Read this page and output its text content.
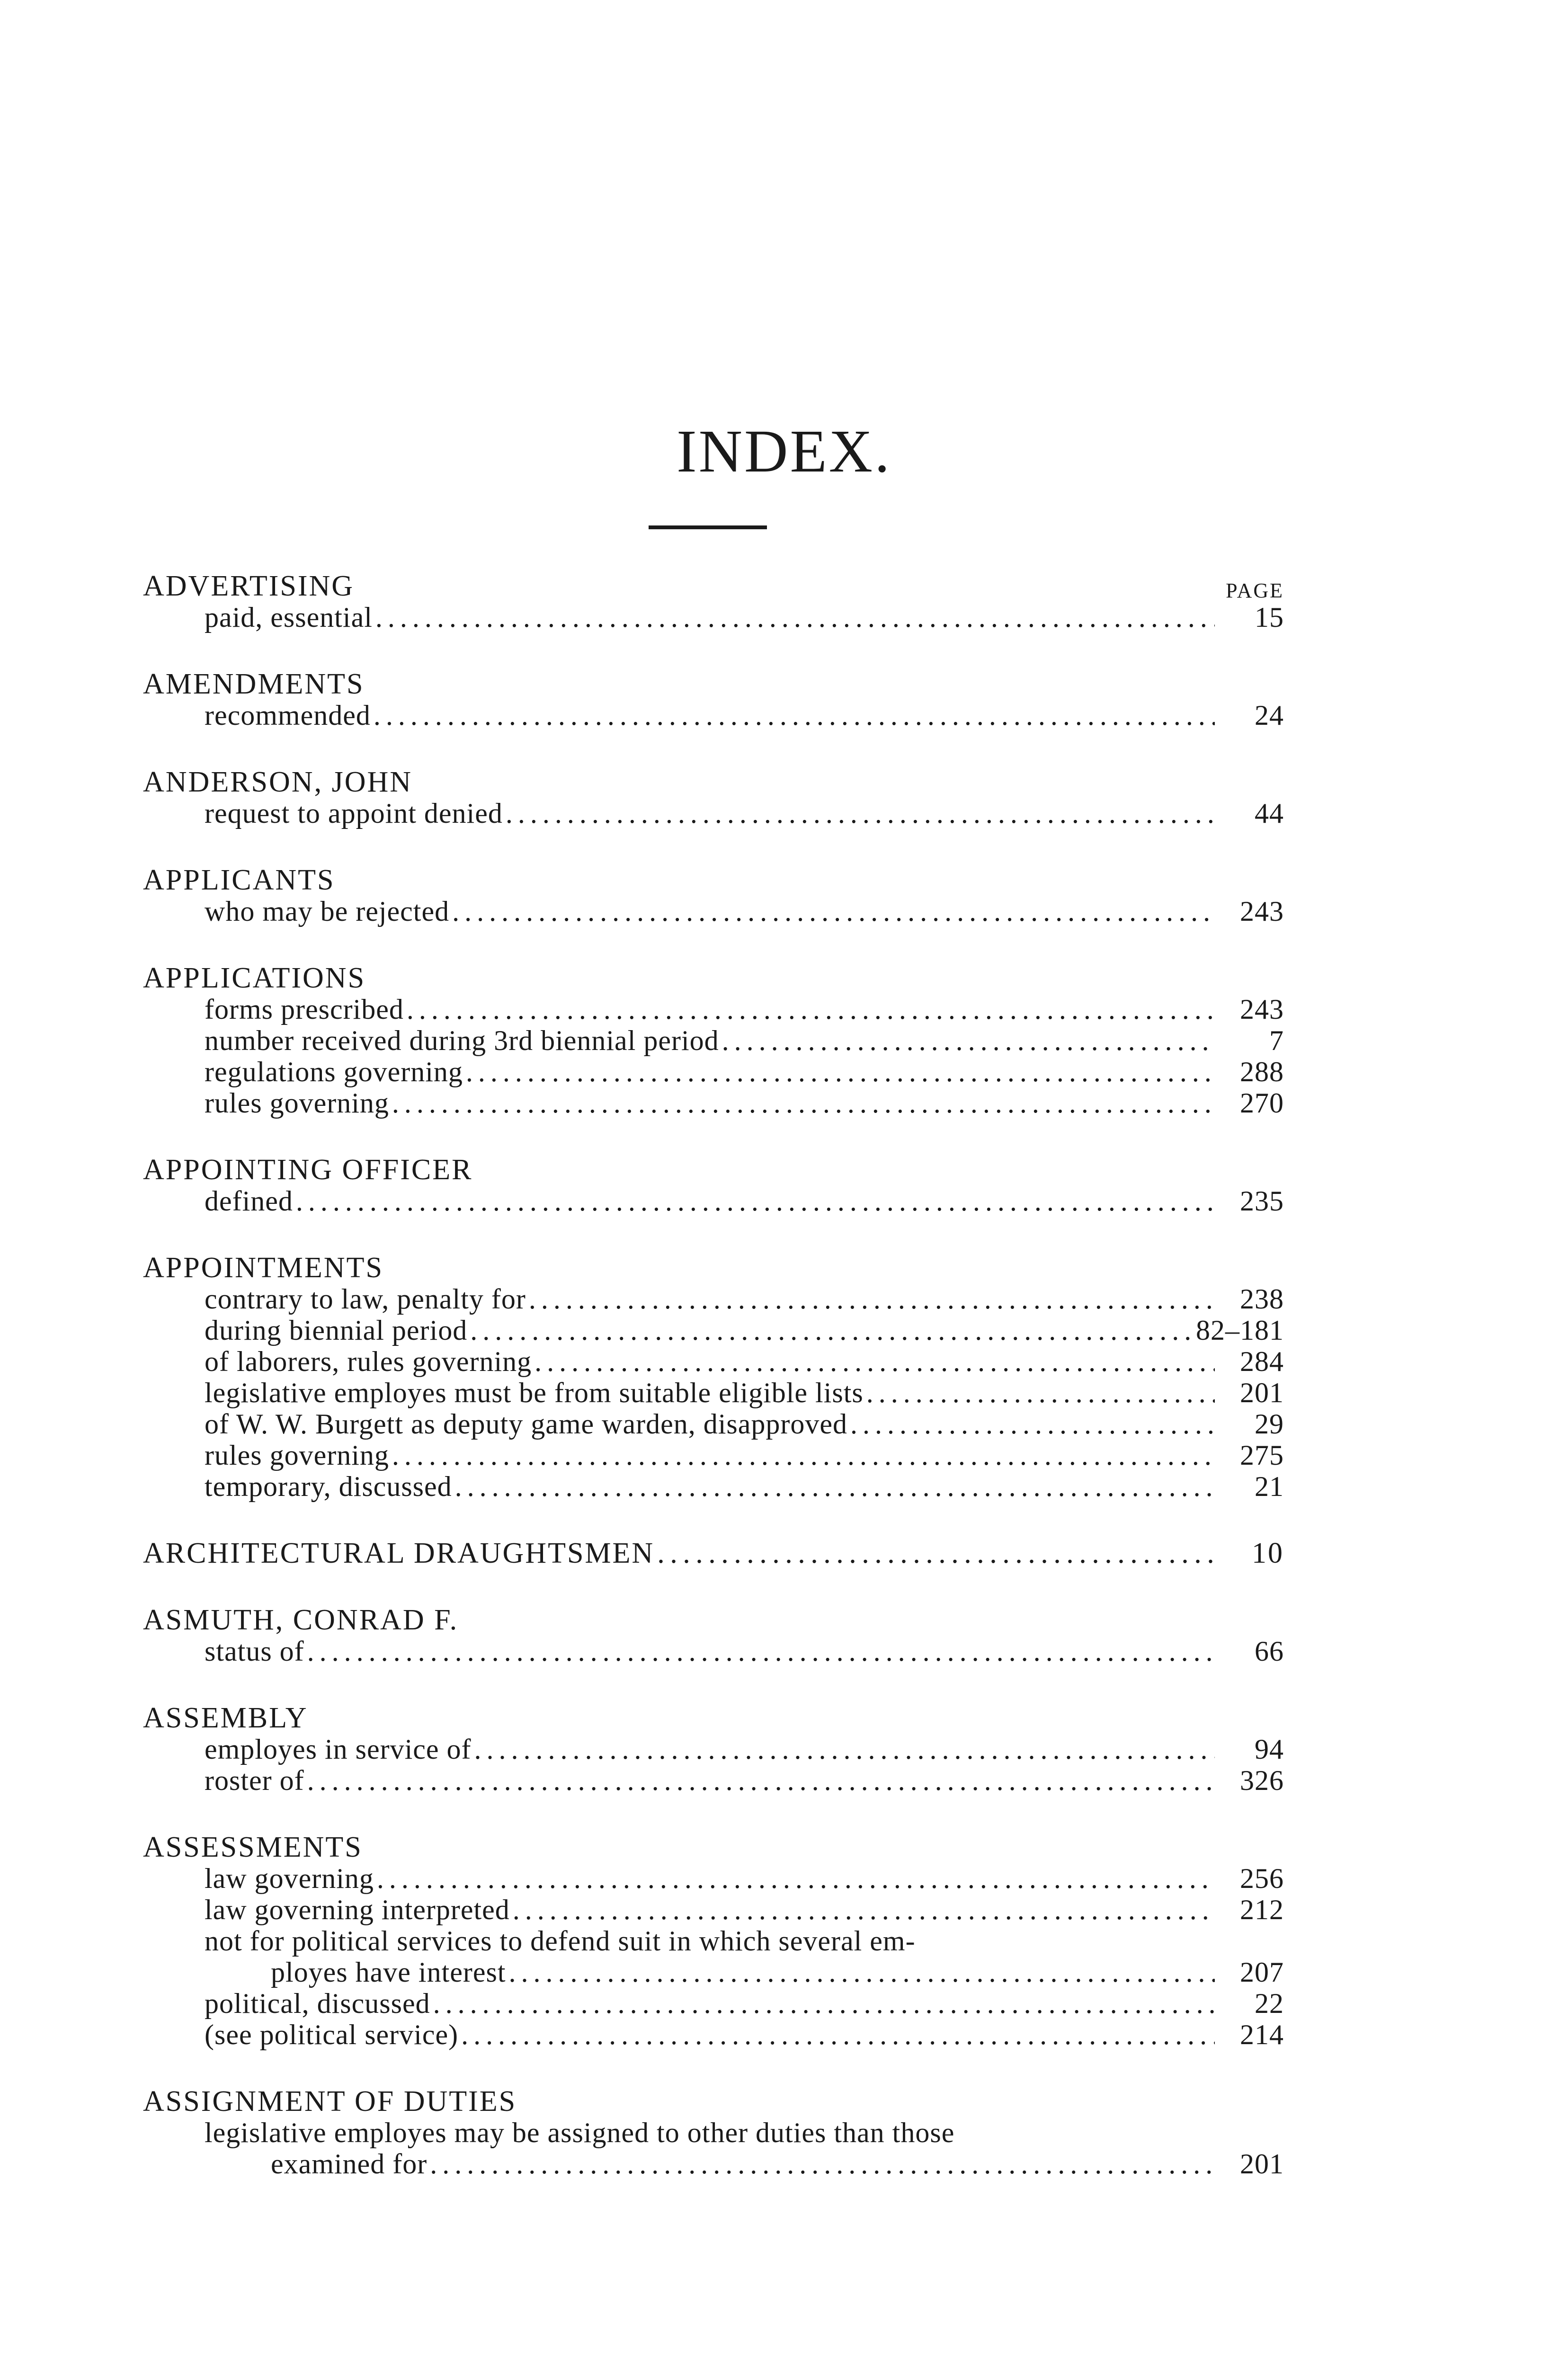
INDEX.
PAGE
ADVERTISING
paid, essential . . .	15
AMENDMENTS
recommended . . .	24
ANDERSON, JOHN
request to appoint denied . . .	44
APPLICANTS
who may be rejected . . .	243
APPLICATIONS
forms prescribed . . .	243
number received during 3rd biennial period . . .	7
regulations governing . . .	288
rules governing . . .	270
APPOINTING OFFICER
defined . . .	235
APPOINTMENTS
contrary to law, penalty for . . .	238
during biennial period . . .	82–181
of laborers, rules governing . . .	284
legislative employes must be from suitable eligible lists . . .	201
of W. W. Burgett as deputy game warden, disapproved . . .	29
rules governing . . .	275
temporary, discussed . . .	21
ARCHITECTURAL DRAUGHTSMEN . . .	10
ASMUTH, CONRAD F.
status of . . .	66
ASSEMBLY
employes in service of . . .	94
roster of . . .	326
ASSESSMENTS
law governing . . .	256
law governing interpreted . . .	212
not for political services to defend suit in which several em-
ployes have interest . . .	207
political, discussed . . .	22
(see political service) . . .	214
ASSIGNMENT OF DUTIES
legislative employes may be assigned to other duties than those
examined for . . .	201
